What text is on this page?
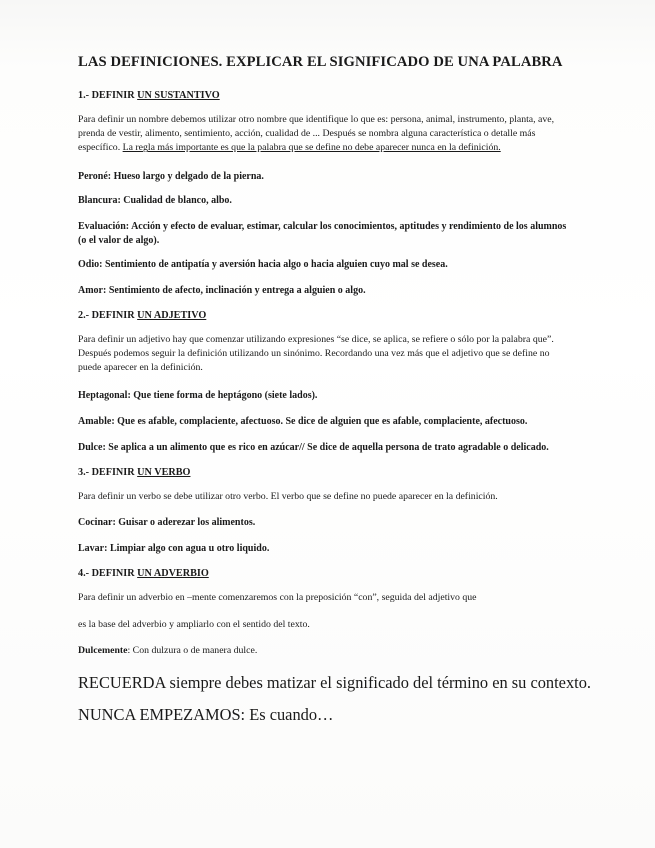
LAS DEFINICIONES. EXPLICAR EL SIGNIFICADO DE UNA PALABRA
1.- DEFINIR UN SUSTANTIVO

Para definir un nombre debemos utilizar otro nombre que identifique lo que es: persona, animal, instrumento, planta, ave, prenda de vestir, alimento, sentimiento, acción, cualidad de ... Después se nombra alguna característica o detalle más específico. La regla más importante es que la palabra que se define no debe aparecer nunca en la definición.

Peroné: Hueso largo y delgado de la pierna.

Blancura: Cualidad de blanco, albo.

Evaluación: Acción y efecto de evaluar, estimar, calcular los conocimientos, aptitudes y rendimiento de los alumnos (o el valor de algo).

Odio: Sentimiento de antipatía y aversión hacia algo o hacia alguien cuyo mal se desea.

Amor: Sentimiento de afecto, inclinación y entrega a alguien o algo.

2.- DEFINIR UN ADJETIVO

Para definir un adjetivo hay que comenzar utilizando expresiones “se dice, se aplica, se refiere o sólo por la palabra que”. Después podemos seguir la definición utilizando un sinónimo. Recordando una vez más que el adjetivo que se define no puede aparecer en la definición.

Heptagonal: Que tiene forma de heptágono (siete lados).

Amable: Que es afable, complaciente, afectuoso. Se dice de alguien que es afable, complaciente, afectuoso.

Dulce: Se aplica a un alimento que es rico en azúcar// Se dice de aquella persona de trato agradable o delicado.

3.- DEFINIR UN VERBO

Para definir un verbo se debe utilizar otro verbo. El verbo que se define no puede aparecer en la definición.

Cocinar: Guisar o aderezar los alimentos.

Lavar: Limpiar algo con agua u otro liquido.

4.- DEFINIR UN ADVERBIO

Para definir un adverbio en –mente comenzaremos con la preposición “con”, seguida del adjetivo que

es la base del adverbio y ampliarlo con el sentido del texto.

Dulcemente: Con dulzura o de manera dulce.

RECUERDA siempre debes matizar el significado del término en su contexto.

NUNCA EMPEZAMOS: Es cuando…
